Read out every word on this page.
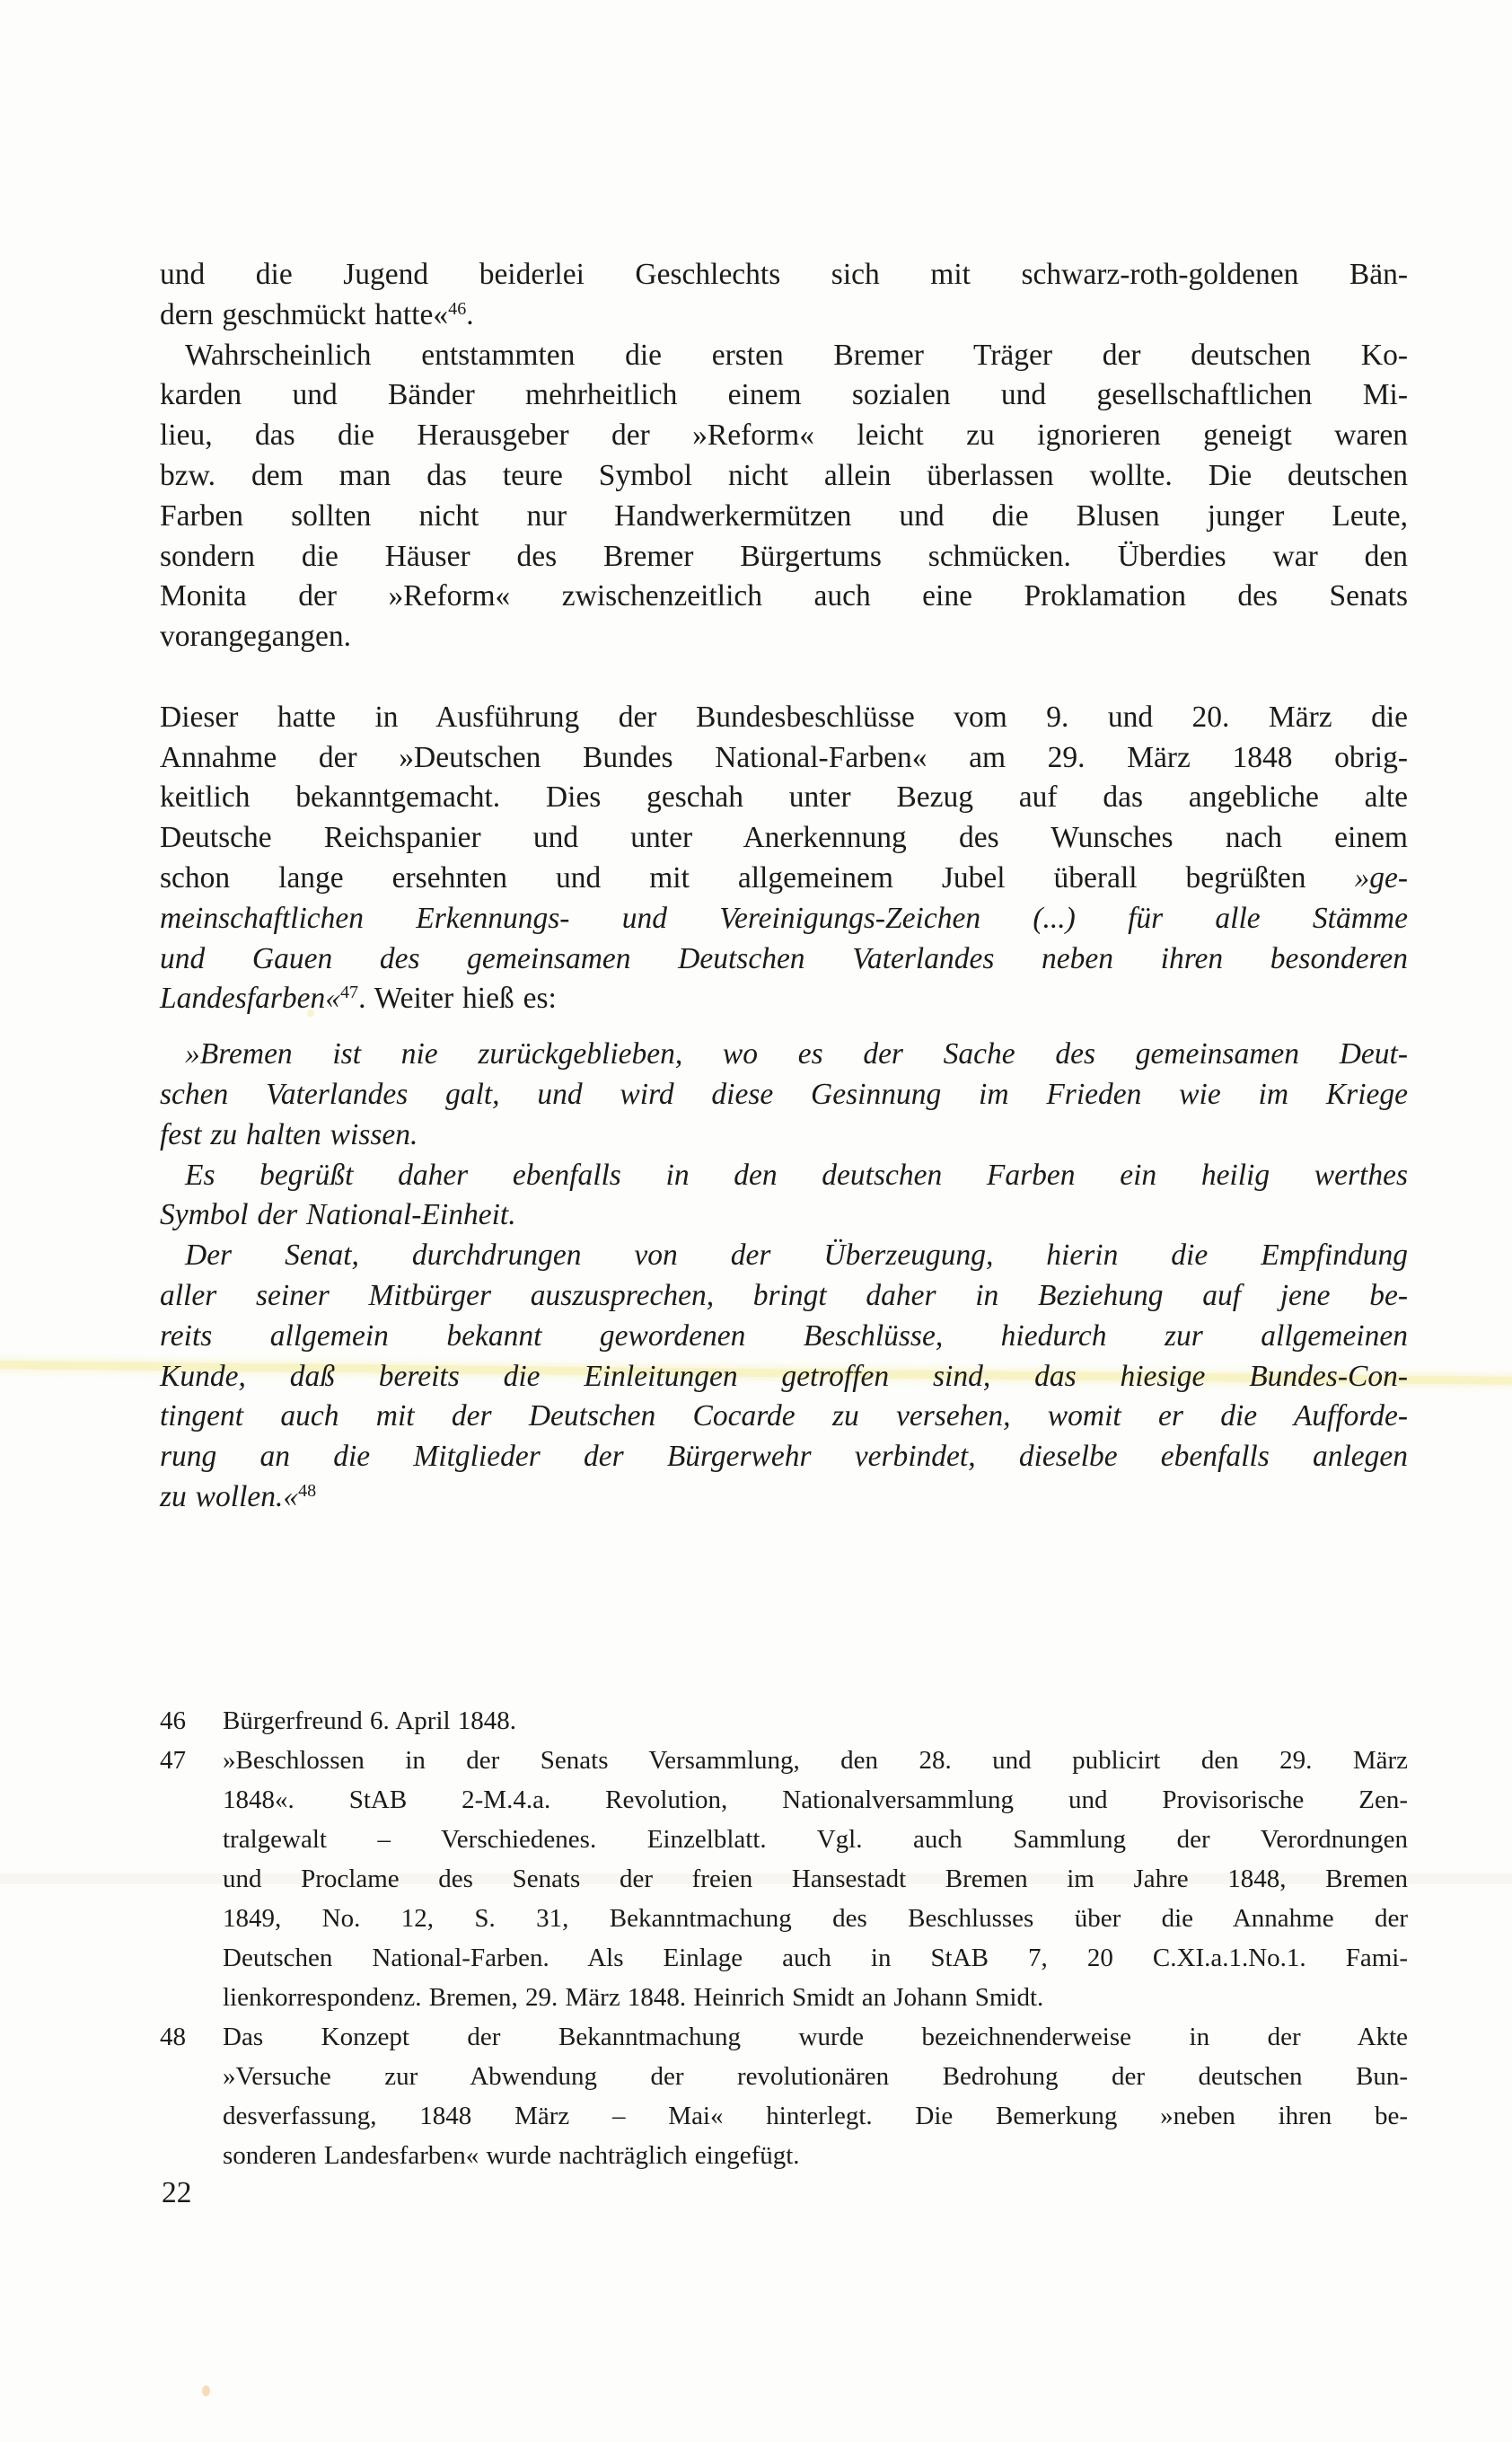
und die Jugend beiderlei Geschlechts sich mit schwarz-roth-goldenen Bän-
dern geschmückt hatte«$^{46}$.
Wahrscheinlich entstammten die ersten Bremer Träger der deutschen Ko-
karden und Bänder mehrheitlich einem sozialen und gesellschaftlichen Mi-
lieu, das die Herausgeber der »Reform« leicht zu ignorieren geneigt waren
bzw. dem man das teure Symbol nicht allein überlassen wollte. Die deutschen
Farben sollten nicht nur Handwerkermützen und die Blusen junger Leute,
sondern die Häuser des Bremer Bürgertums schmücken. Überdies war den
Monita der »Reform« zwischenzeitlich auch eine Proklamation des Senats
vorangegangen.
Dieser hatte in Ausführung der Bundesbeschlüsse vom 9. und 20. März die
Annahme der »Deutschen Bundes National-Farben« am 29. März 1848 obrig-
keitlich bekanntgemacht. Dies geschah unter Bezug auf das angebliche alte
Deutsche Reichspanier und unter Anerkennung des Wunsches nach einem
schon lange ersehnten und mit allgemeinem Jubel überall begrüßten »ge-
meinschaftlichen Erkennungs- und Vereinigungs-Zeichen (...) für alle Stämme
und Gauen des gemeinsamen Deutschen Vaterlandes neben ihren besonderen
Landesfarben«$^{47}$. Weiter hieß es:
»Bremen ist nie zurückgeblieben, wo es der Sache des gemeinsamen Deut-
schen Vaterlandes galt, und wird diese Gesinnung im Frieden wie im Kriege
fest zu halten wissen.
Es begrüßt daher ebenfalls in den deutschen Farben ein heilig werthes
Symbol der National-Einheit.
Der Senat, durchdrungen von der Überzeugung, hierin die Empfindung
aller seiner Mitbürger auszusprechen, bringt daher in Beziehung auf jene be-
reits allgemein bekannt gewordenen Beschlüsse, hiedurch zur allgemeinen
Kunde, daß bereits die Einleitungen getroffen sind, das hiesige Bundes-Con-
tingent auch mit der Deutschen Cocarde zu versehen, womit er die Aufforde-
rung an die Mitglieder der Bürgerwehr verbindet, dieselbe ebenfalls anlegen
zu wollen.«$^{48}$
46	Bürgerfreund 6. April 1848.
47	»Beschlossen in der Senats Versammlung, den 28. und publicirt den 29. März
1848«. StAB 2-M.4.a. Revolution, Nationalversammlung und Provisorische Zen-
tralgewalt – Verschiedenes. Einzelblatt. Vgl. auch Sammlung der Verordnungen
und Proclame des Senats der freien Hansestadt Bremen im Jahre 1848, Bremen
1849, No. 12, S. 31, Bekanntmachung des Beschlusses über die Annahme der
Deutschen National-Farben. Als Einlage auch in StAB 7, 20 C.XI.a.1.No.1. Fami-
lienkorrespondenz. Bremen, 29. März 1848. Heinrich Smidt an Johann Smidt.
48	Das Konzept der Bekanntmachung wurde bezeichnenderweise in der Akte
»Versuche zur Abwendung der revolutionären Bedrohung der deutschen Bun-
desverfassung, 1848 März – Mai« hinterlegt. Die Bemerkung »neben ihren be-
sonderen Landesfarben« wurde nachträglich eingefügt.
22
